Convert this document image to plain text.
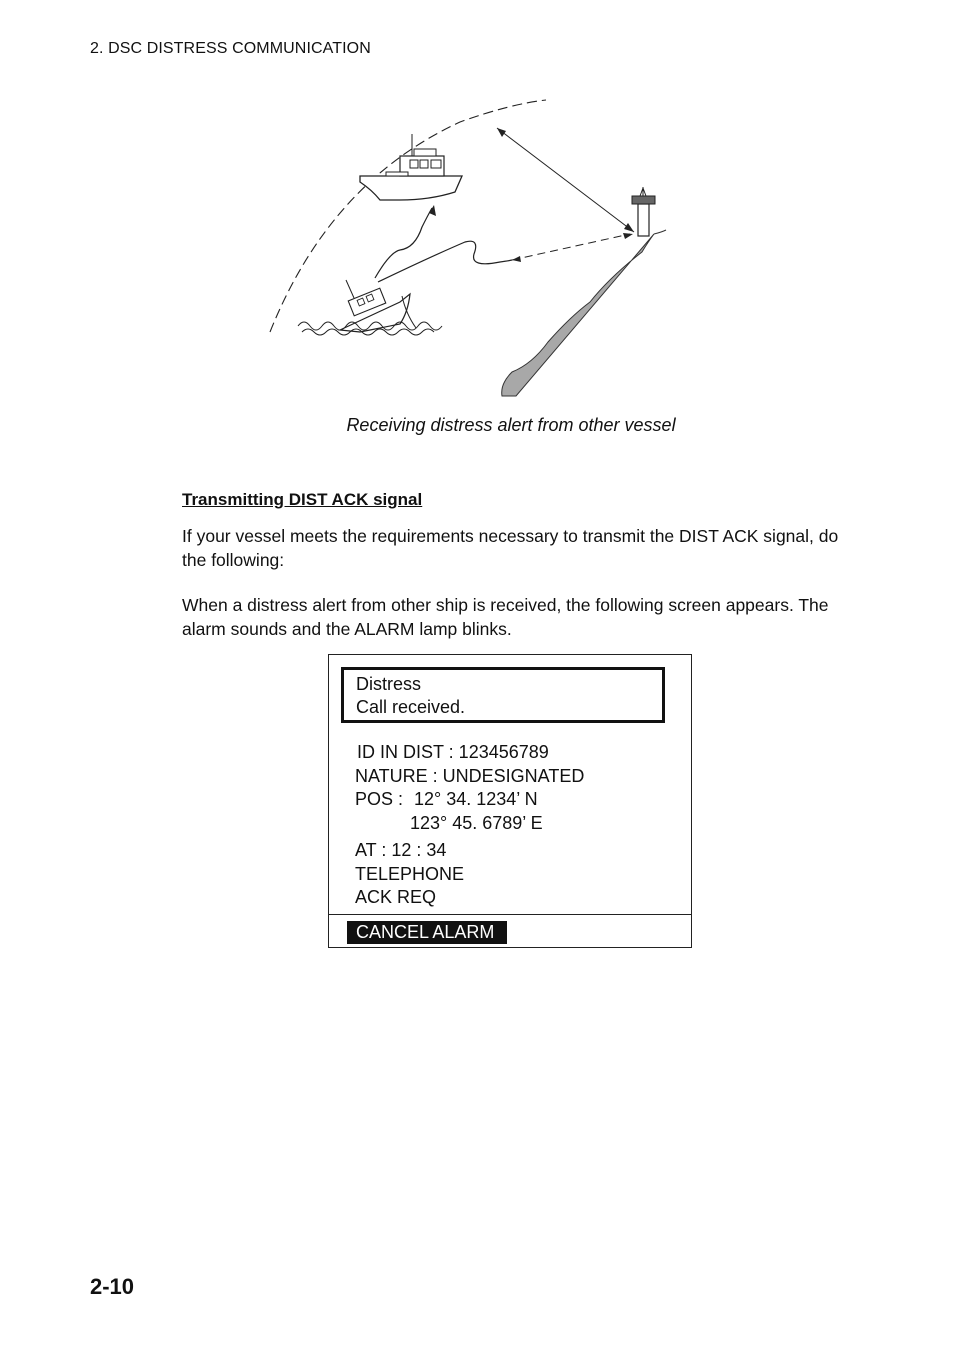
2. DSC DISTRESS COMMUNICATION
Receiving distress alert from other vessel
Transmitting DIST ACK signal
If your vessel meets the requirements necessary to transmit the DIST ACK signal, do the following:
When a distress alert from other ship is received, the following screen appears. The alarm sounds and the ALARM lamp blinks.
Distress
Call received.
ID IN DIST : 123456789
NATURE : UNDESIGNATED
POS : 12° 34. 1234’ N
123° 45. 6789’ E
AT : 12 : 34
TELEPHONE
ACK REQ
CANCEL ALARM
2-10
